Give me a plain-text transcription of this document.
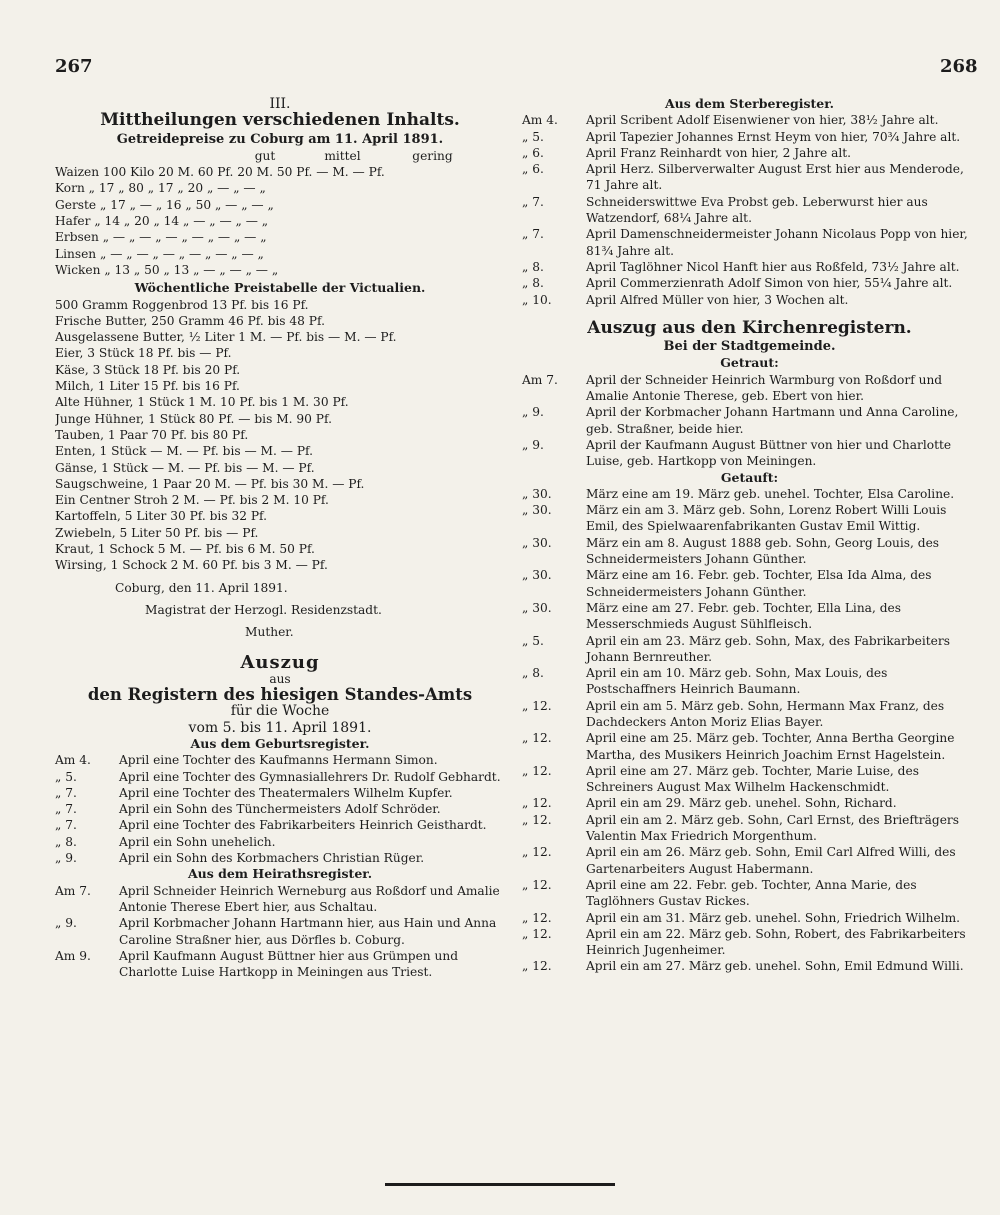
267	268
III.
Mittheilungen verschiedenen Inhalts.
Getreidepreise zu Coburg am 11. April 1891.
gut	mittel	gering
Waizen 100 Kilo 20 M. 60 Pf. 20 M. 50 Pf. — M. — Pf.
Korn „ 17 „ 80 „ 17 „ 20 „ — „ — „
Gerste „ 17 „ — „ 16 „ 50 „ — „ — „
Hafer „ 14 „ 20 „ 14 „ — „ — „ — „
Erbsen „ — „ — „ — „ — „ — „ — „
Linsen „ — „ — „ — „ — „ — „ — „
Wicken „ 13 „ 50 „ 13 „ — „ — „ — „
Wöchentliche Preistabelle der Victualien.
500 Gramm Roggenbrod 13 Pf. bis 16 Pf.
Frische Butter, 250 Gramm 46 Pf. bis 48 Pf.
Ausgelassene Butter, ½ Liter 1 M. — Pf. bis — M. — Pf.
Eier, 3 Stück 18 Pf. bis — Pf.
Käse, 3 Stück 18 Pf. bis 20 Pf.
Milch, 1 Liter 15 Pf. bis 16 Pf.
Alte Hühner, 1 Stück 1 M. 10 Pf. bis 1 M. 30 Pf.
Junge Hühner, 1 Stück 80 Pf. — bis M. 90 Pf.
Tauben, 1 Paar 70 Pf. bis 80 Pf.
Enten, 1 Stück — M. — Pf. bis — M. — Pf.
Gänse, 1 Stück — M. — Pf. bis — M. — Pf.
Saugschweine, 1 Paar 20 M. — Pf. bis 30 M. — Pf.
Ein Centner Stroh 2 M. — Pf. bis 2 M. 10 Pf.
Kartoffeln, 5 Liter 30 Pf. bis 32 Pf.
Zwiebeln, 5 Liter 50 Pf. bis — Pf.
Kraut, 1 Schock 5 M. — Pf. bis 6 M. 50 Pf.
Wirsing, 1 Schock 2 M. 60 Pf. bis 3 M. — Pf.
Coburg, den 11. April 1891.
Magistrat der Herzogl. Residenzstadt.
Muther.
Auszug
aus
den Registern des hiesigen Standes-Amts
für die Woche
vom 5. bis 11. April 1891.
Aus dem Geburtsregister.
Am 4.	April eine Tochter des Kaufmanns Hermann Simon.
„ 5.	April eine Tochter des Gymnasiallehrers Dr. Rudolf Gebhardt.
„ 7.	April eine Tochter des Theatermalers Wilhelm Kupfer.
„ 7.	April ein Sohn des Tünchermeisters Adolf Schröder.
„ 7.	April eine Tochter des Fabrikarbeiters Heinrich Geisthardt.
„ 8.	April ein Sohn unehelich.
„ 9.	April ein Sohn des Korbmachers Christian Rüger.
Aus dem Heirathsregister.
Am 7.	April Schneider Heinrich Werneburg aus Roßdorf und Amalie Antonie Therese Ebert hier, aus Schaltau.
„ 9.	April Korbmacher Johann Hartmann hier, aus Hain und Anna Caroline Straßner hier, aus Dörfles b. Coburg.
Am 9.	April Kaufmann August Büttner hier aus Grümpen und Charlotte Luise Hartkopp in Meiningen aus Triest.
Aus dem Sterberegister.
Am 4.	April Scribent Adolf Eisenwiener von hier, 38½ Jahre alt.
„ 5.	April Tapezier Johannes Ernst Heym von hier, 70¾ Jahre alt.
„ 6.	April Franz Reinhardt von hier, 2 Jahre alt.
„ 6.	April Herz. Silberverwalter August Erst hier aus Menderode, 71 Jahre alt.
„ 7.	Schneiderswittwe Eva Probst geb. Leberwurst hier aus Watzendorf, 68¼ Jahre alt.
„ 7.	April Damenschneidermeister Johann Nicolaus Popp von hier, 81¾ Jahre alt.
„ 8.	April Taglöhner Nicol Hanft hier aus Roßfeld, 73½ Jahre alt.
„ 8.	April Commerzienrath Adolf Simon von hier, 55¼ Jahre alt.
„ 10.	April Alfred Müller von hier, 3 Wochen alt.
Auszug aus den Kirchenregistern.
Bei der Stadtgemeinde.
Getraut:
Am 7.	April der Schneider Heinrich Warmburg von Roßdorf und Amalie Antonie Therese, geb. Ebert von hier.
„ 9.	April der Korbmacher Johann Hartmann und Anna Caroline, geb. Straßner, beide hier.
„ 9.	April der Kaufmann August Büttner von hier und Charlotte Luise, geb. Hartkopp von Meiningen.
Getauft:
„ 30.	März eine am 19. März geb. unehel. Tochter, Elsa Caroline.
„ 30.	März ein am 3. März geb. Sohn, Lorenz Robert Willi Louis Emil, des Spielwaarenfabrikanten Gustav Emil Wittig.
„ 30.	März ein am 8. August 1888 geb. Sohn, Georg Louis, des Schneidermeisters Johann Günther.
„ 30.	März eine am 16. Febr. geb. Tochter, Elsa Ida Alma, des Schneidermeisters Johann Günther.
„ 30.	März eine am 27. Febr. geb. Tochter, Ella Lina, des Messerschmieds August Sühlfleisch.
„ 5.	April ein am 23. März geb. Sohn, Max, des Fabrikarbeiters Johann Bernreuther.
„ 8.	April ein am 10. März geb. Sohn, Max Louis, des Postschaffners Heinrich Baumann.
„ 12.	April ein am 5. März geb. Sohn, Hermann Max Franz, des Dachdeckers Anton Moriz Elias Bayer.
„ 12.	April eine am 25. März geb. Tochter, Anna Bertha Georgine Martha, des Musikers Heinrich Joachim Ernst Hagelstein.
„ 12.	April eine am 27. März geb. Tochter, Marie Luise, des Schreiners August Max Wilhelm Hackenschmidt.
„ 12.	April ein am 29. März geb. unehel. Sohn, Richard.
„ 12.	April ein am 2. März geb. Sohn, Carl Ernst, des Briefträgers Valentin Max Friedrich Morgenthum.
„ 12.	April ein am 26. März geb. Sohn, Emil Carl Alfred Willi, des Gartenarbeiters August Habermann.
„ 12.	April eine am 22. Febr. geb. Tochter, Anna Marie, des Taglöhners Gustav Rickes.
„ 12.	April ein am 31. März geb. unehel. Sohn, Friedrich Wilhelm.
„ 12.	April ein am 22. März geb. Sohn, Robert, des Fabrikarbeiters Heinrich Jugenheimer.
„ 12.	April ein am 27. März geb. unehel. Sohn, Emil Edmund Willi.
